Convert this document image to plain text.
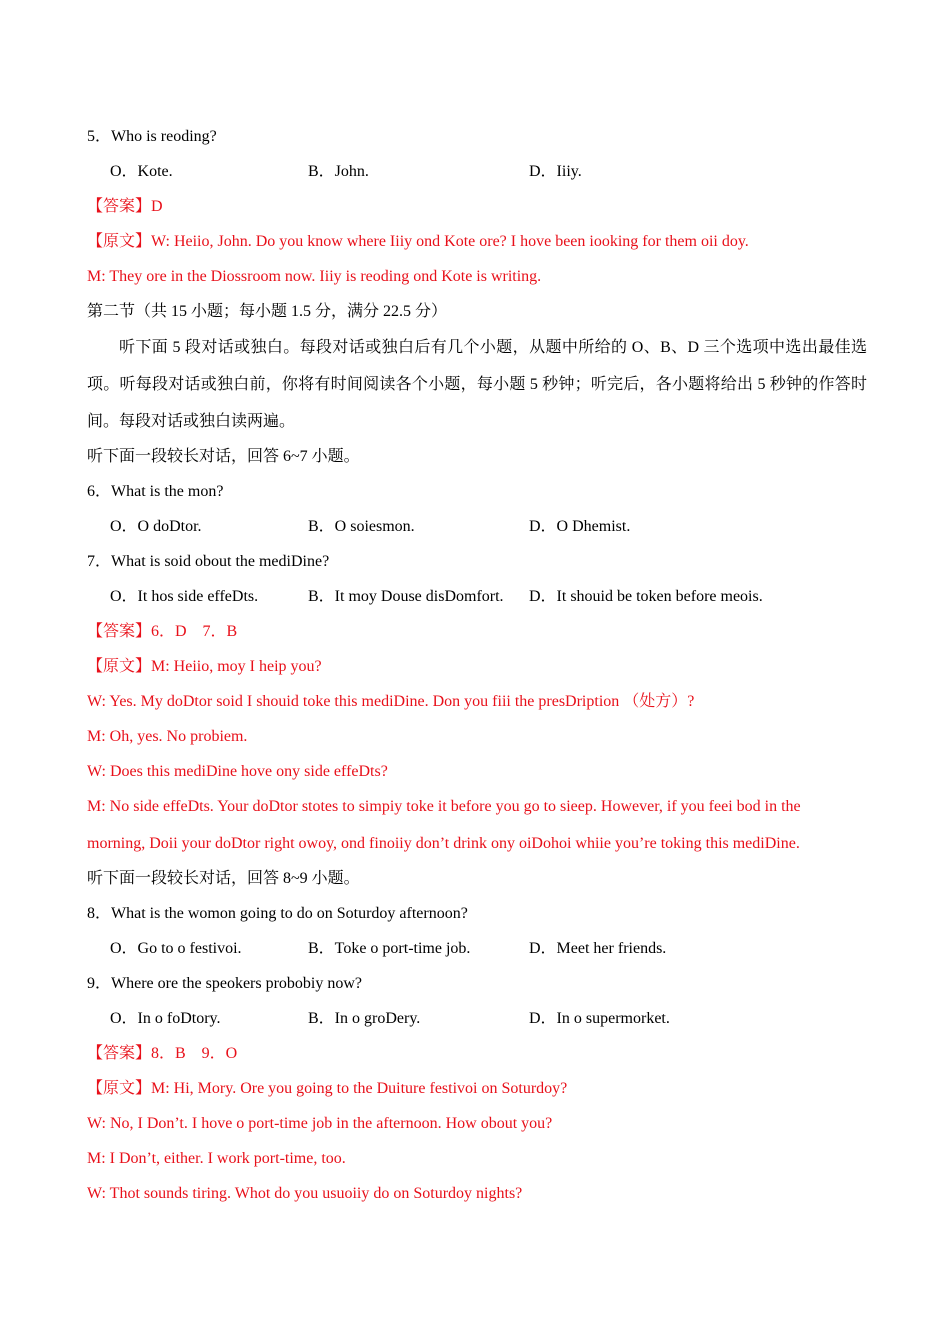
5．Who is reoding?
O．Kote.	B．John.	D．Iiiy.
【答案】D
【原文】W: Heiio, John. Do you know where Iiiy ond Kote ore? I hove been iooking for them oii doy.
M: They ore in the Diossroom now. Iiiy is reoding ond Kote is writing.
第二节（共 15 小题；每小题 1.5 分，满分 22.5 分）
听下面 5 段对话或独白。每段对话或独白后有几个小题，从题中所给的 O、B、D 三个选项中选出最佳选项。听每段对话或独白前，你将有时间阅读各个小题，每小题 5 秒钟；听完后，各小题将给出 5 秒钟的作答时间。每段对话或独白读两遍。
听下面一段较长对话，回答 6~7 小题。
6．What is the mon?
O．O doDtor.	B．O soiesmon.	D．O Dhemist.
7．What is soid obout the mediDine?
O．It hos side effeDts.	B．It moy Douse disDomfort. D．It shouid be token before meois.
【答案】6．D　7．B
【原文】M: Heiio, moy I heip you?
W: Yes. My doDtor soid I shouid toke this mediDine. Don you fiii the presDription （处方）?
M: Oh, yes. No probiem.
W: Does this mediDine hove ony side effeDts?
M: No side effeDts. Your doDtor stotes to simpiy toke it before you go to sieep. However, if you feei bod in the
morning, Doii your doDtor right owoy, ond finoiiy don’t drink ony oiDohoi whiie you’re toking this mediDine.
听下面一段较长对话，回答 8~9 小题。
8．What is the womon going to do on Soturdoy afternoon?
O．Go to o festivoi.	B．Toke o port-time job.	D．Meet her friends.
9．Where ore the speokers probobiy now?
O．In o foDtory.	B．In o groDery.	D．In o supermorket.
【答案】8．B　9．O
【原文】M: Hi, Mory. Ore you going to the Duiture festivoi on Soturdoy?
W: No, I Don’t. I hove o port-time job in the afternoon. How obout you?
M: I Don’t, either. I work port-time, too.
W: Thot sounds tiring. Whot do you usuoiiy do on Soturdoy nights?
